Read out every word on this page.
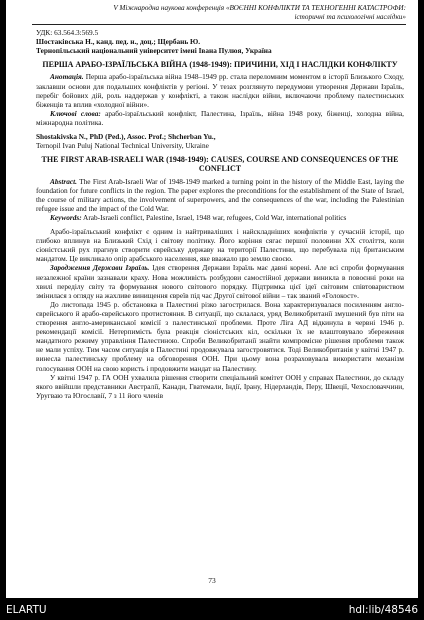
V Міжнародна наукова конференція «ВОЄННІ КОНФЛІКТИ ТА ТЕХНОГЕННІ КАТАСТРОФИ:
історичні та психологічні наслідки»

УДК: 63.564.3:569.5

Шостакiвська Н., канд. пед. н., доц.; Щербань Ю.

Тернопільський національний університет імені Івана Пулюя, Україна

ПЕРША АРАБО-ІЗРАЇЛЬСЬКА ВІЙНА (1948-1949): ПРИЧИНИ, ХІД І НАСЛІДКИ КОНФЛІКТУ

Анотація. Перша арабо-ізраїльська війна 1948–1949 рр. стала переломним моментом в історії Близького Сходу, заклавши основи для подальших конфліктів у регіоні. У тезах розглянуто передумови утворення Держави Ізраїль, перебіг бойових дій, роль наддержав у конфлікті, а також наслідки війни, включаючи проблему палестинських біженців та вплив «холодної війни».

Ключові слова: арабо-ізраїльський конфлікт, Палестина, Ізраїль, війна 1948 року, біженці, холодна війна, міжнародна політика.

Shostakivska N., PhD (Ped.), Assoc. Prof.; Shcherban Yu.,

Ternopil Ivan Puluj National Technical University, Ukraine

THE FIRST ARAB-ISRAELI WAR (1948-1949): CAUSES, COURSE AND CONSEQUENCES OF THE CONFLICT

Abstract. The First Arab-Israeli War of 1948-1949 marked a turning point in the history of the Middle East, laying the foundation for future conflicts in the region. The paper explores the preconditions for the establishment of the State of Israel, the course of military actions, the involvement of superpowers, and the consequences of the war, including the Palestinian refugee issue and the impact of the Cold War.

Keywords: Arab-Israeli conflict, Palestine, Israel, 1948 war, refugees, Cold War, international politics

Арабо-ізраїльський конфлікт є одним із найтриваліших і найскладніших конфліктів у сучасній історії, що глибоко вплинув на Близький Схід і світову політику. Його коріння сягає першої половини XX століття, коли сіоністський рух прагнув створити єврейську державу на території Палестини, що перебувала під британським мандатом. Це викликало опір арабського населення, яке вважало цю землю своєю.

Зародження Держави Ізраїль. Ідея створення Держави Ізраїль має давні корені. Але всі спроби формування незалежної країни зазнавали краху. Нова можливість розбудови самостійної держави виникла в повоєнні роки на хвилі переділу світу та формування нового світового порядку. Підтримка цієї ідеї світовим співтовариством змінилася з огляду на жахливе винищення євреїв під час Другої світової війни – так званий «Голокост».

До листопада 1945 р. обстановка в Палестині різко загострилася. Вона характеризувалася посиленням англо-єврейського й арабо-єврейського протистояння. В ситуації, що склалася, уряд Великобританії змушений був піти на створення англо-американської комісії з палестинської проблеми. Проте Ліга АД відкинула в червні 1946 р. рекомендації комісії. Нетерпимість була реакція сіоністських кіл, оскільки їх не влаштовувало збереження мандатного режиму управління Палестиною. Спроби Великобританії знайти компромісне рішення проблеми також не мали успіху. Тим часом ситуація в Палестині продовжувала загостровятися. Тоді Великобританія у квітні 1947 р. винесла палестинську проблему на обговорення ООН. При цьому вона розраховувала використати механізм голосування ООН на свою користь і продовжити мандат на Палестину.

У квітні 1947 р. ГА ООН ухвалила рішення створити спеціальний комітет ООН у справах Палестини, до складу якого ввійшли представники Австралії, Канади, Гватемали, Індії, Ірану, Нідерландів, Перу, Швеції, Чехословаччини, Уругваю та Югославії, 7 з 11 його членів

73
ELARTU	hdl:lib/48546
